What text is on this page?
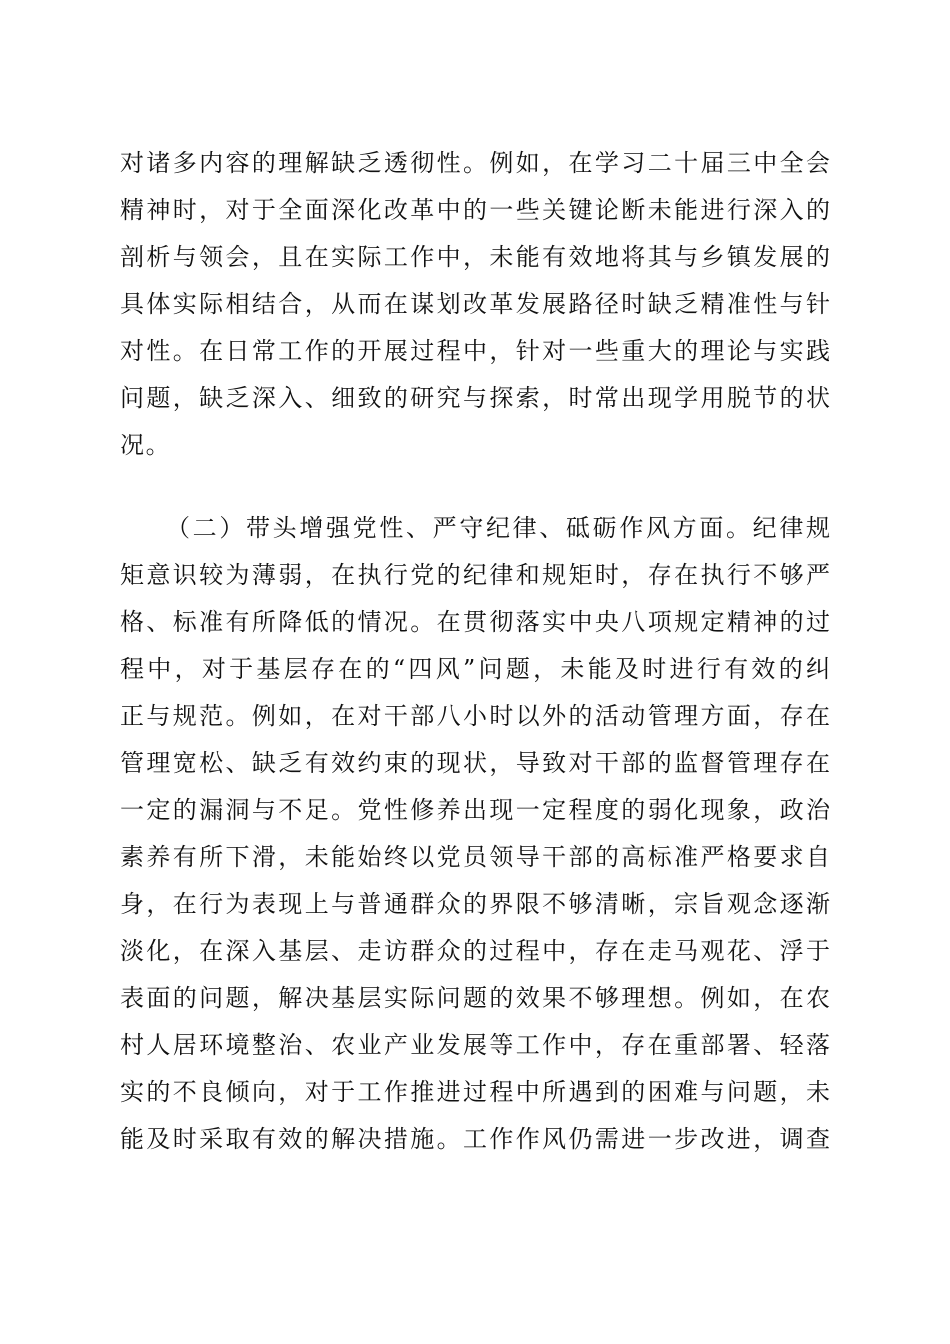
对诸多内容的理解缺乏透彻性。例如，在学习二十届三中全会
精神时，对于全面深化改革中的一些关键论断未能进行深入的
剖析与领会，且在实际工作中，未能有效地将其与乡镇发展的
具体实际相结合，从而在谋划改革发展路径时缺乏精准性与针
对性。在日常工作的开展过程中，针对一些重大的理论与实践
问题，缺乏深入、细致的研究与探索，时常出现学用脱节的状
况。
（二）带头增强党性、严守纪律、砥砺作风方面。纪律规
矩意识较为薄弱，在执行党的纪律和规矩时，存在执行不够严
格、标准有所降低的情况。在贯彻落实中央八项规定精神的过
程中，对于基层存在的“四风”问题，未能及时进行有效的纠
正与规范。例如，在对干部八小时以外的活动管理方面，存在
管理宽松、缺乏有效约束的现状，导致对干部的监督管理存在
一定的漏洞与不足。党性修养出现一定程度的弱化现象，政治
素养有所下滑，未能始终以党员领导干部的高标准严格要求自
身，在行为表现上与普通群众的界限不够清晰，宗旨观念逐渐
淡化，在深入基层、走访群众的过程中，存在走马观花、浮于
表面的问题，解决基层实际问题的效果不够理想。例如，在农
村人居环境整治、农业产业发展等工作中，存在重部署、轻落
实的不良倾向，对于工作推进过程中所遇到的困难与问题，未
能及时采取有效的解决措施。工作作风仍需进一步改进，调查
